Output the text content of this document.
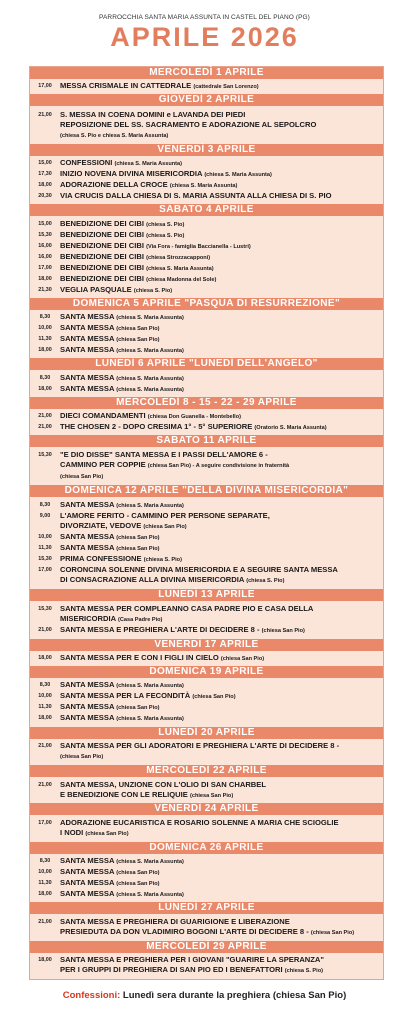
PARROCCHIA SANTA MARIA ASSUNTA IN CASTEL DEL PIANO (PG)
APRILE 2026
MERCOLEDÌ 1 APRILE
17,00	MESSA CRISMALE IN CATTEDRALE (cattedrale San Lorenzo)
GIOVEDÌ 2 APRILE
21,00	S. MESSA IN COENA DOMINI e LAVANDA DEI PIEDI
REPOSIZIONE DEL SS. SACRAMENTO E ADORAZIONE AL SEPOLCRO
(chiesa S. Pio e chiesa S. Maria Assunta)
VENERDÌ 3 APRILE
15,00	CONFESSIONI (chiesa S. Maria Assunta)
17,30	INIZIO NOVENA DIVINA MISERICORDIA (chiesa S. Maria Assunta)
18,00	ADORAZIONE DELLA CROCE (chiesa S. Maria Assunta)
20,30	VIA CRUCIS DALLA CHIESA DI S. MARIA ASSUNTA ALLA CHIESA DI S. PIO
SABATO 4 APRILE
15,00	BENEDIZIONE DEI CIBI (chiesa S. Pio)
15,30	BENEDIZIONE DEI CIBI (chiesa S. Pio)
16,00	BENEDIZIONE DEI CIBI (Via Fora - famiglia Baccianella - Lustri)
16,00	BENEDIZIONE DEI CIBI (chiesa Strozzacapponi)
17,00	BENEDIZIONE DEI CIBI (chiesa S. Maria Assunta)
18,00	BENEDIZIONE DEI CIBI (chiesa Madonna del Sole)
21,30	VEGLIA PASQUALE (chiesa S. Pio)
DOMENICA 5 APRILE "PASQUA DI RESURREZIONE"
8,30	SANTA MESSA (chiesa S. Maria Assunta)
10,00	SANTA MESSA (chiesa San Pio)
11,30	SANTA MESSA (chiesa San Pio)
18,00	SANTA MESSA (chiesa S. Maria Assunta)
LUNEDÌ 6 APRILE "LUNEDÌ DELL'ANGELO"
8,30	SANTA MESSA (chiesa S. Maria Assunta)
18,00	SANTA MESSA (chiesa S. Maria Assunta)
MERCOLEDÌ 8 - 15 - 22 - 29 APRILE
21,00	DIECI COMANDAMENTI (chiesa Don Guanella - Montebello)
21,00	THE CHOSEN 2 - DOPO CRESIMA 1° - 5° SUPERIORE (Oratorio S. Maria Assunta)
SABATO 11 APRILE
15,30	"E DIO DISSE" SANTA MESSA E I PASSI DELL'AMORE 6 -
CAMMINO PER COPPIE (chiesa San Pio) - A seguire condivisione in fraternità
(chiesa San Pio)
DOMENICA 12 APRILE "DELLA DIVINA MISERICORDIA"
8,30	SANTA MESSA (chiesa S. Maria Assunta)
9,00	L'AMORE FERITO - CAMMINO PER PERSONE SEPARATE,
DIVORZIATE, VEDOVE (chiesa San Pio)
10,00	SANTA MESSA (chiesa San Pio)
11,30	SANTA MESSA (chiesa San Pio)
15,30	PRIMA CONFESSIONE (chiesa S. Pio)
17,00	CORONCINA SOLENNE DIVINA MISERICORDIA E A SEGUIRE SANTA MESSA
DI CONSACRAZIONE ALLA DIVINA MISERICORDIA (chiesa S. Pio)
LUNEDÌ 13 APRILE
15,30	SANTA MESSA PER COMPLEANNO CASA PADRE PIO E CASA DELLA
MISERICORDIA (Casa Padre Pio)
21,00	SANTA MESSA E PREGHIERA L'ARTE DI DECIDERE 8 - (chiesa San Pio)
VENERDÌ 17 APRILE
18,00	SANTA MESSA PER E CON I FIGLI IN CIELO (chiesa San Pio)
DOMENICA 19 APRILE
8,30	SANTA MESSA (chiesa S. Maria Assunta)
10,00	SANTA MESSA PER LA FECONDITÀ (chiesa San Pio)
11,30	SANTA MESSA (chiesa San Pio)
18,00	SANTA MESSA (chiesa S. Maria Assunta)
LUNEDÌ 20 APRILE
21,00	SANTA MESSA PER GLI ADORATORI E PREGHIERA L'ARTE DI DECIDERE 8 -
(chiesa San Pio)
MERCOLEDÌ 22 APRILE
21,00	SANTA MESSA, UNZIONE CON L'OLIO DI SAN CHARBEL
E BENEDIZIONE CON LE RELIQUIE (chiesa San Pio)
VENERDÌ 24 APRILE
17,00	ADORAZIONE EUCARISTICA E ROSARIO SOLENNE A MARIA CHE SCIOGLIE
I NODI (chiesa San Pio)
DOMENICA 26 APRILE
8,30	SANTA MESSA (chiesa S. Maria Assunta)
10,00	SANTA MESSA (chiesa San Pio)
11,30	SANTA MESSA (chiesa San Pio)
18,00	SANTA MESSA (chiesa S. Maria Assunta)
LUNEDÌ 27 APRILE
21,00	SANTA MESSA E PREGHIERA DI GUARIGIONE E LIBERAZIONE
PRESIEDUTA DA DON VLADIMIRO BOGONI L'ARTE DI DECIDERE 8 - (chiesa San Pio)
MERCOLEDÌ 29 APRILE
18,00	SANTA MESSA E PREGHIERA PER I GIOVANI "GUARIRE LA SPERANZA"
PER I GRUPPI DI PREGHIERA DI SAN PIO ED I BENEFATTORI (chiesa S. Pio)
Confessioni: Lunedì sera durante la preghiera (chiesa San Pio)
